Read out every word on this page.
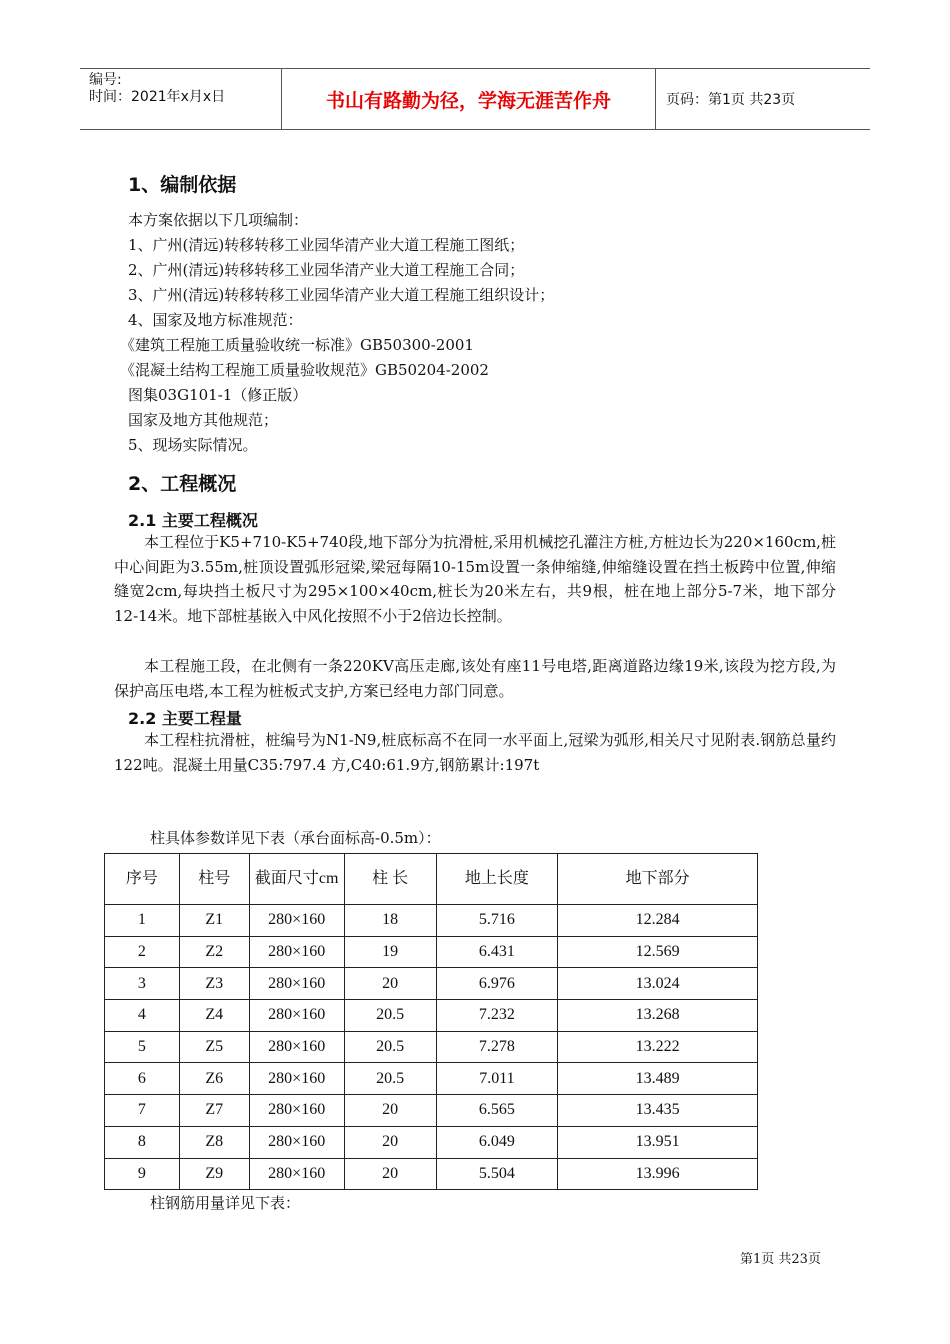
编号:
时间：2021年x月x日	书山有路勤为径，学海无涯苦作舟	页码：第1页 共23页
1、编制依据
本方案依据以下几项编制：
1、广州(清远)转移转移工业园华清产业大道工程施工图纸；
2、广州(清远)转移转移工业园华清产业大道工程施工合同；
3、广州(清远)转移转移工业园华清产业大道工程施工组织设计；
4、国家及地方标准规范：
《建筑工程施工质量验收统一标准》GB50300-2001
《混凝土结构工程施工质量验收规范》GB50204-2002
图集03G101-1（修正版）
国家及地方其他规范；
5、现场实际情况。
2、工程概况
2.1 主要工程概况
本工程位于K5+710-K5+740段,地下部分为抗滑桩,采用机械挖孔灌注方桩,方桩边长为220×160cm,桩中心间距为3.55m,桩顶设置弧形冠梁,梁冠每隔10-15m设置一条伸缩缝,伸缩缝设置在挡土板跨中位置,伸缩缝宽2cm,每块挡土板尺寸为295×100×40cm,桩长为20米左右，共9根，桩在地上部分5-7米，地下部分12-14米。地下部桩基嵌入中风化按照不小于2倍边长控制。
本工程施工段，在北侧有一条220KV高压走廊,该处有座11号电塔,距离道路边缘19米,该段为挖方段,为保护高压电塔,本工程为桩板式支护,方案已经电力部门同意。
2.2 主要工程量
本工程柱抗滑桩，桩编号为N1-N9,桩底标高不在同一水平面上,冠梁为弧形,相关尺寸见附表.钢筋总量约122吨。混凝土用量C35:797.4 方,C40:61.9方,钢筋累计:197t
柱具体参数详见下表（承台面标高-0.5m）：
序号	柱号	截面尺寸cm	柱 长	地上长度	地下部分
1	Z1	280×160	18	5.716	12.284
2	Z2	280×160	19	6.431	12.569
3	Z3	280×160	20	6.976	13.024
4	Z4	280×160	20.5	7.232	13.268
5	Z5	280×160	20.5	7.278	13.222
6	Z6	280×160	20.5	7.011	13.489
7	Z7	280×160	20	6.565	13.435
8	Z8	280×160	20	6.049	13.951
9	Z9	280×160	20	5.504	13.996
柱钢筋用量详见下表：
第1页 共23页
